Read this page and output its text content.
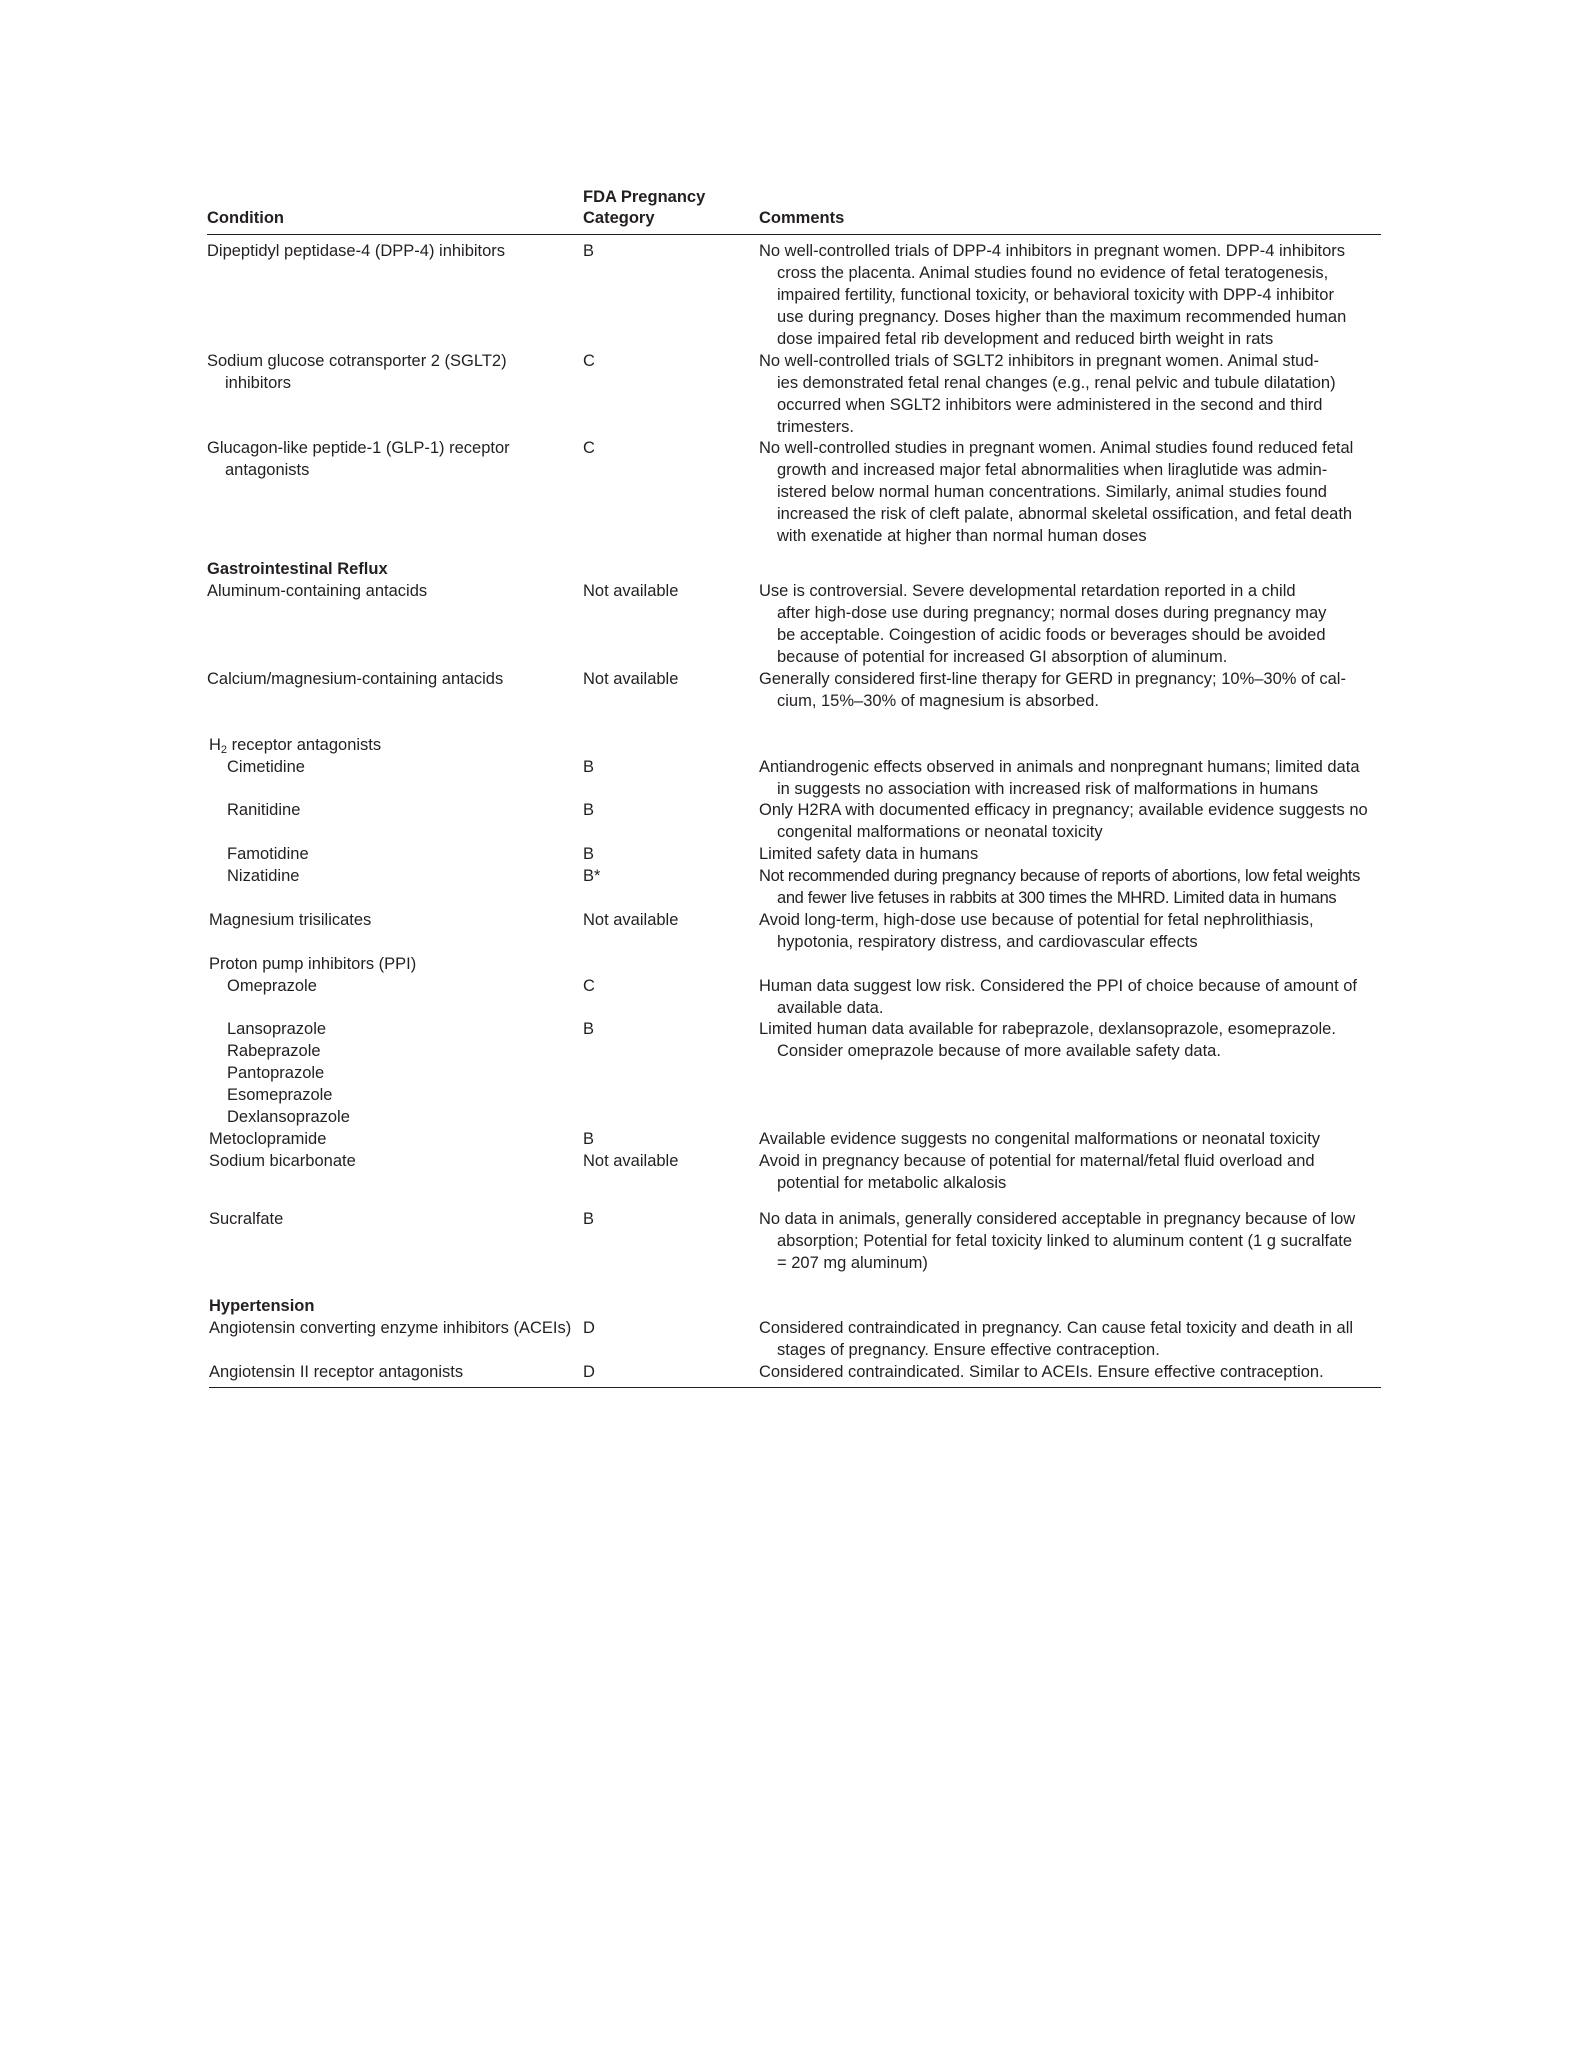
Condition
FDA Pregnancy
Category	Comments
Dipeptidyl peptidase-4 (DPP-4) inhibitors	B	No well-controlled trials of DPP-4 inhibitors in pregnant women. DPP-4 inhibitors
cross the placenta. Animal studies found no evidence of fetal teratogenesis,
impaired fertility, functional toxicity, or behavioral toxicity with DPP-4 inhibitor
use during pregnancy. Doses higher than the maximum recommended human
dose impaired fetal rib development and reduced birth weight in rats
Sodium glucose cotransporter 2 (SGLT2)
inhibitors
C	No well-controlled trials of SGLT2 inhibitors in pregnant women. Animal stud-
ies demonstrated fetal renal changes (e.g., renal pelvic and tubule dilatation)
occurred when SGLT2 inhibitors were administered in the second and third
trimesters.
Glucagon-like peptide-1 (GLP-1) receptor
antagonists
C	No well-controlled studies in pregnant women. Animal studies found reduced fetal
growth and increased major fetal abnormalities when liraglutide was admin-
istered below normal human concentrations. Similarly, animal studies found
increased the risk of cleft palate, abnormal skeletal ossification, and fetal death
with exenatide at higher than normal human doses
Gastrointestinal Reflux
Aluminum-containing antacids	Not available	Use is controversial. Severe developmental retardation reported in a child
after high-dose use during pregnancy; normal doses during pregnancy may
be acceptable. Coingestion of acidic foods or beverages should be avoided
because of potential for increased GI absorption of aluminum.
Calcium/magnesium-containing antacids	Not available	Generally considered first-line therapy for GERD in pregnancy; 10%–30% of cal-
cium, 15%–30% of magnesium is absorbed.
H2 receptor antagonists
Cimetidine	B	Antiandrogenic effects observed in animals and nonpregnant humans; limited data
in suggests no association with increased risk of malformations in humans
Ranitidine	B	Only H2RA with documented efficacy in pregnancy; available evidence suggests no
congenital malformations or neonatal toxicity
Famotidine	B	Limited safety data in humans
Nizatidine	B*	Not recommended during pregnancy because of reports of abortions, low fetal weights
and fewer live fetuses in rabbits at 300 times the MHRD. Limited data in humans
Magnesium trisilicates	Not available	Avoid long-term, high-dose use because of potential for fetal nephrolithiasis,
hypotonia, respiratory distress, and cardiovascular effects
Proton pump inhibitors (PPI)
Omeprazole	C	Human data suggest low risk. Considered the PPI of choice because of amount of
available data.
Lansoprazole
Rabeprazole
Pantoprazole
Esomeprazole
Dexlansoprazole
B	Limited human data available for rabeprazole, dexlansoprazole, esomeprazole.
Consider omeprazole because of more available safety data.
Metoclopramide	B	Available evidence suggests no congenital malformations or neonatal toxicity
Sodium bicarbonate	Not available	Avoid in pregnancy because of potential for maternal/fetal fluid overload and
potential for metabolic alkalosis
Sucralfate	B	No data in animals, generally considered acceptable in pregnancy because of low
absorption; Potential for fetal toxicity linked to aluminum content (1 g sucralfate
= 207 mg aluminum)
Hypertension
Angiotensin converting enzyme inhibitors (ACEIs) D	Considered contraindicated in pregnancy. Can cause fetal toxicity and death in all
stages of pregnancy. Ensure effective contraception.
Angiotensin II receptor antagonists	D	Considered contraindicated. Similar to ACEIs. Ensure effective contraception.
